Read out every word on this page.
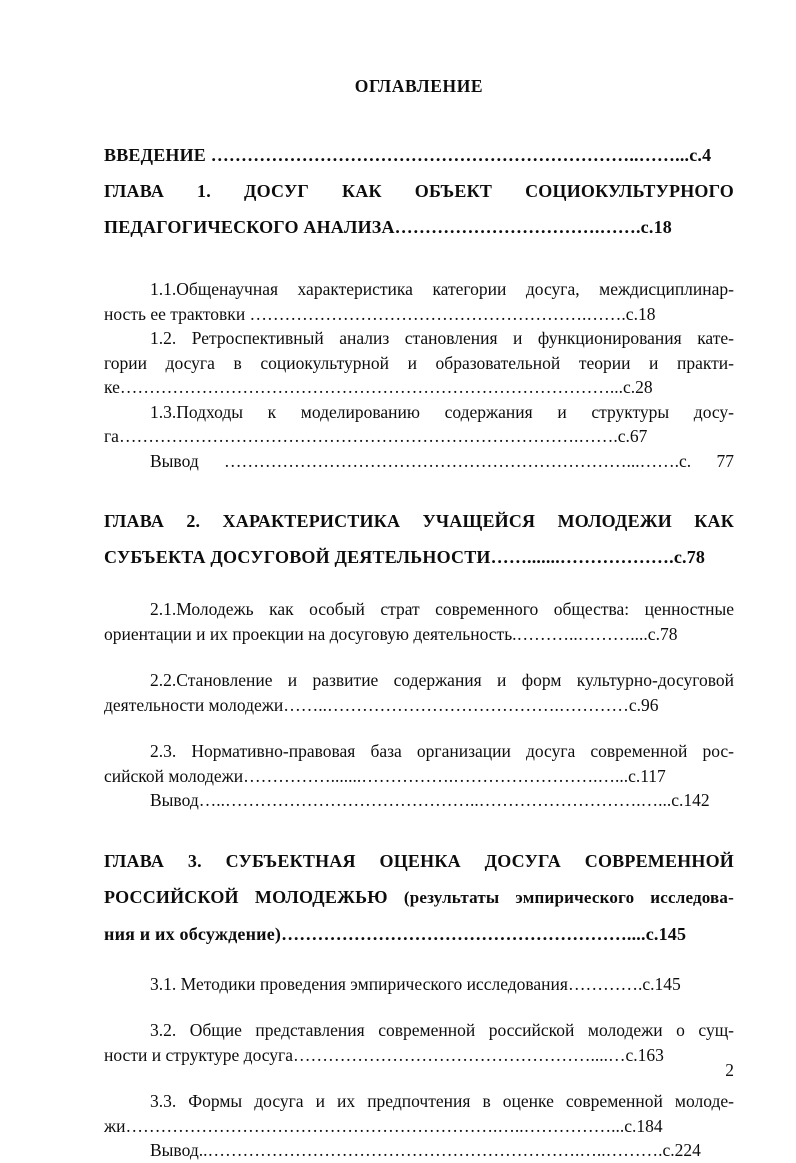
ОГЛАВЛЕНИЕ

ВВЕДЕНИЕ ……………………………………………………………..……...с.4

ГЛАВА 1. ДОСУГ КАК ОБЪЕКТ СОЦИОКУЛЬТУРНОГО

ПЕДАГОГИЧЕСКОГО АНАЛИЗА…………………………….…….с.18

1.1.Общенаучная характеристика категории досуга, междисциплинар-

ность ее трактовки ………………………………………………….…….с.18

1.2. Ретроспективный анализ становления и функционирования кате-

гории досуга в социокультурной и образовательной теории и практи-

ке…………………………………………………………………………...с.28

1.3.Подходы к моделированию содержания и структуры досу-

га…………………………………………………………………….…….с.67

Вывод ……………………………………………………………...…….с. 77

ГЛАВА 2. ХАРАКТЕРИСТИКА УЧАЩЕЙСЯ МОЛОДЕЖИ КАК

СУБЪЕКТА ДОСУГОВОЙ ДЕЯТЕЛЬНОСТИ…….......……………….с.78

2.1.Молодежь как особый страт современного общества: ценностные

ориентации и их проекции на досуговую деятельность.………..………....с.78

2.2.Становление и развитие содержания и форм культурно-досуговой

деятельности молодежи……..………………………………….…………с.96

2.3. Нормативно-правовая база организации досуга современной рос-

сийской молодежи…………….......…………….…………………….…...с.117

Вывод…..……………………………………..……………………….…...с.142

ГЛАВА 3. СУБЪЕКТНАЯ ОЦЕНКА ДОСУГА СОВРЕМЕННОЙ

РОССИЙСКОЙ МОЛОДЕЖЬЮ (результаты эмпирического исследова-

ния и их обсуждение)…………………………………………………....с.145

3.1. Методики проведения эмпирического исследования………….с.145

3.2. Общие представления современной российской молодежи о сущ-

ности и структуре досуга……………………………………………....…с.163

3.3. Формы досуга и их предпочтения в оценке современной молоде-

жи……………………………………………………….…..……………...с.184

Вывод..……………………………………………………….…..……….с.224

2
